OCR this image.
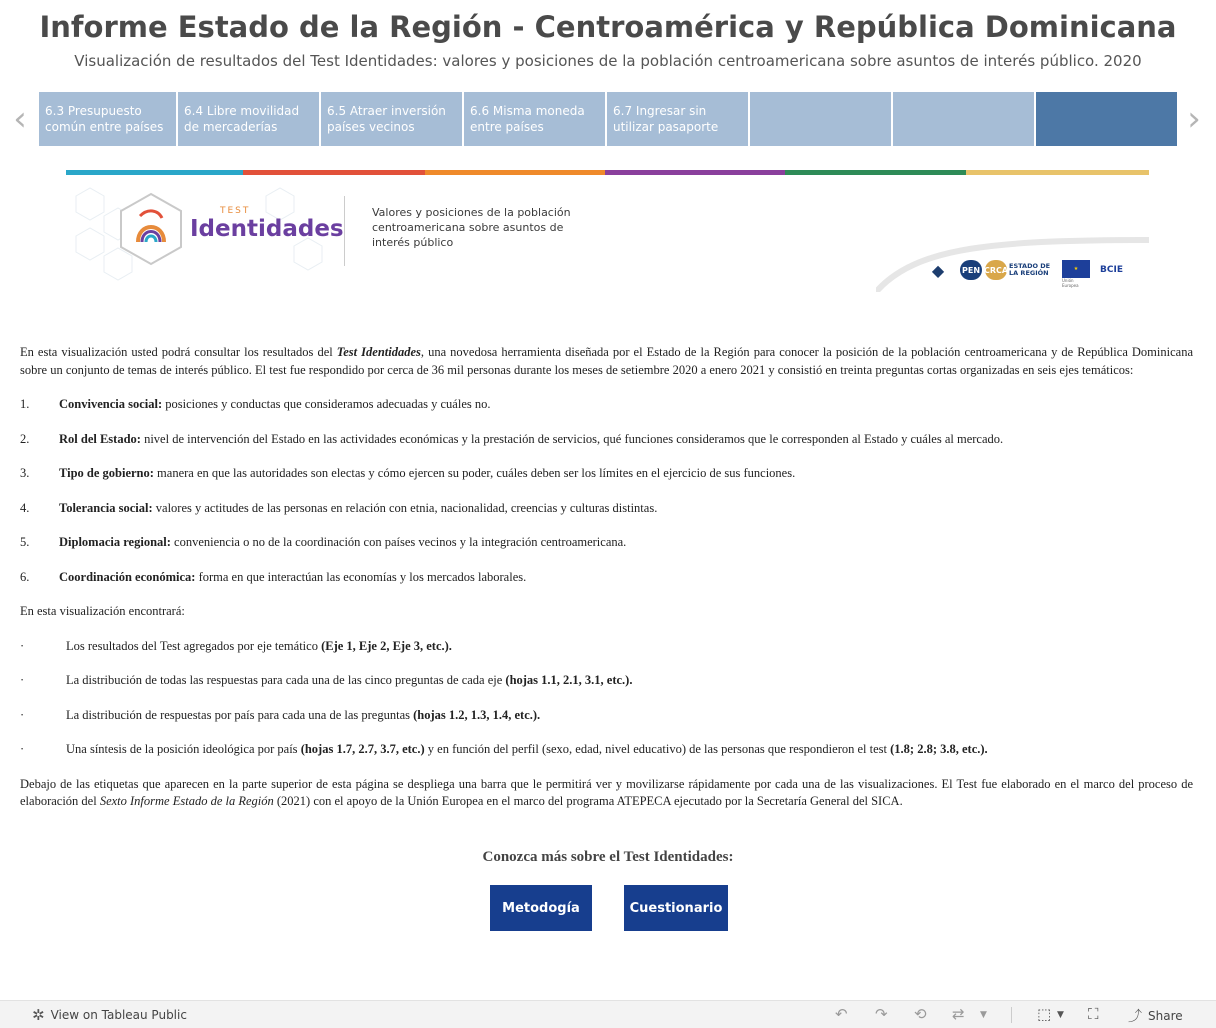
Informe Estado de la Región - Centroamérica y República Dominicana
Visualización de resultados del Test Identidades: valores y posiciones de la población centroamericana sobre asuntos de interés público. 2020
‹	›
6.3 Presupuesto común entre países
6.4 Libre movilidad de mercaderías
6.5 Atraer inversión países vecinos
6.6 Misma moneda entre países
6.7 Ingresar sin utilizar pasaporte
TEST
Identidades
Valores y posiciones de la población centroamericana sobre asuntos de interés público
◆	PEN CRCA ESTADO DE LA REGIÓN	★
Unión Europea
BCIE

En esta visualización usted podrá consultar los resultados del Test Identidades, una novedosa herramienta diseñada por el Estado de la Región para conocer la posición de la población centroamericana y de República Dominicana sobre un conjunto de temas de interés público. El test fue respondido por cerca de 36 mil personas durante los meses de setiembre 2020 a enero 2021 y consistió en treinta preguntas cortas organizadas en seis ejes temáticos:

1.	Convivencia social: posiciones y conductas que consideramos adecuadas y cuáles no.
2.	Rol del Estado: nivel de intervención del Estado en las actividades económicas y la prestación de servicios, qué funciones consideramos que le corresponden al Estado y cuáles al mercado.
3.	Tipo de gobierno: manera en que las autoridades son electas y cómo ejercen su poder, cuáles deben ser los límites en el ejercicio de sus funciones.
4.	Tolerancia social: valores y actitudes de las personas en relación con etnia, nacionalidad, creencias y culturas distintas.
5.	Diplomacia regional: conveniencia o no de la coordinación con países vecinos y la integración centroamericana.
6.	Coordinación económica: forma en que interactúan las economías y los mercados laborales.

En esta visualización encontrará:

·	Los resultados del Test agregados por eje temático (Eje 1, Eje 2, Eje 3, etc.).
·	La distribución de todas las respuestas para cada una de las cinco preguntas de cada eje (hojas 1.1, 2.1, 3.1, etc.).
·	La distribución de respuestas por país para cada una de las preguntas (hojas 1.2, 1.3, 1.4, etc.).
·	Una síntesis de la posición ideológica por país (hojas 1.7, 2.7, 3.7, etc.) y en función del perfil (sexo, edad, nivel educativo) de las personas que respondieron el test (1.8; 2.8; 3.8, etc.).

Debajo de las etiquetas que aparecen en la parte superior de esta página se despliega una barra que le permitirá ver y movilizarse rápidamente por cada una de las visualizaciones. El Test fue elaborado en el marco del proceso de elaboración del Sexto Informe Estado de la Región (2021) con el apoyo de la Unión Europea en el marco del programa ATEPECA ejecutado por la Secretaría General del SICA.

Conozca más sobre el Test Identidades:
Metodogía	Cuestionario
✲ View on Tableau Public	↶ ↷ ⟲ ⇄ ▼	⬚ ▼ ⛶ ⤴ Share
